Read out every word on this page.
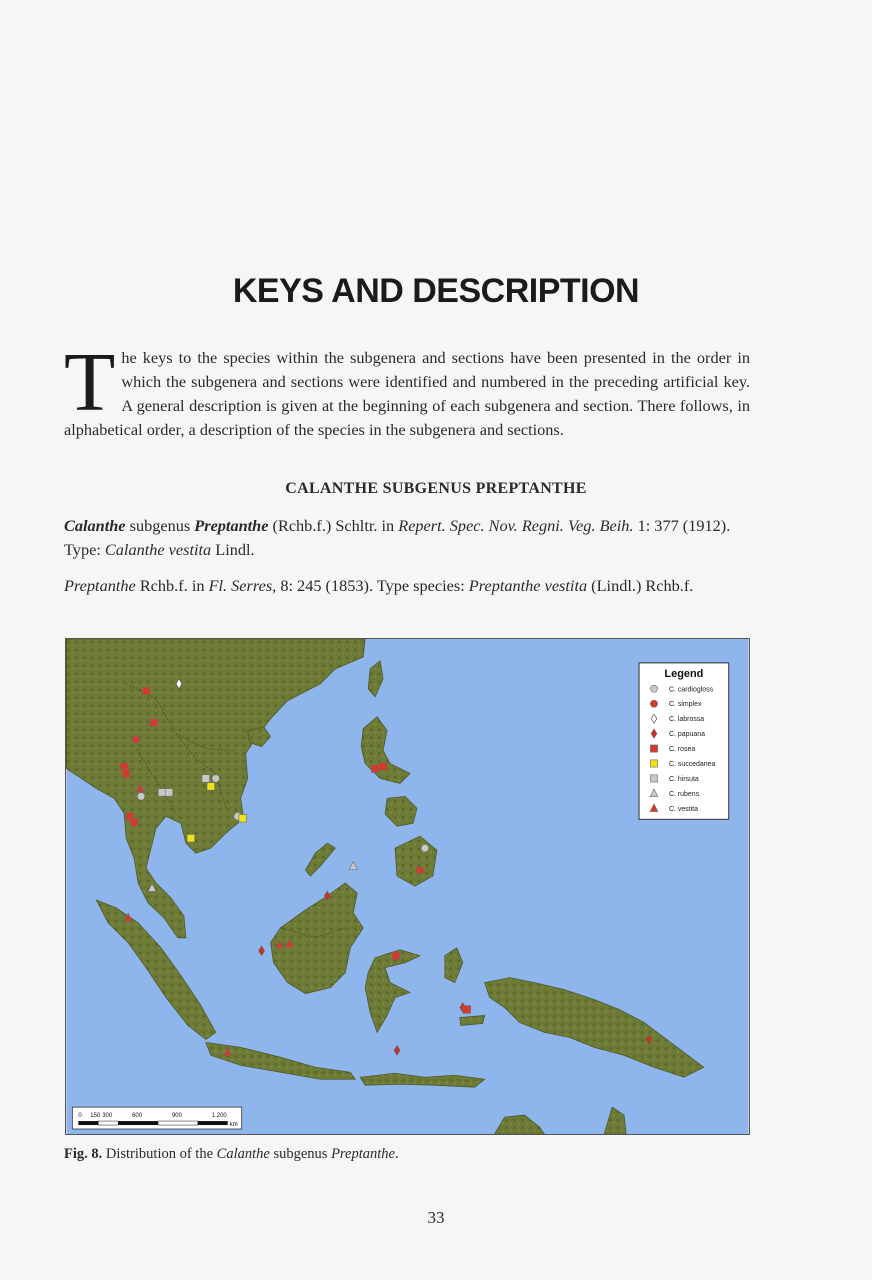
KEYS AND DESCRIPTION
The keys to the species within the subgenera and sections have been presented in the order in which the subgenera and sections were identified and numbered in the preceding artificial key. A general description is given at the beginning of each subgenera and section. There follows, in alphabetical order, a description of the species in the subgenera and sections.
CALANTHE SUBGENUS PREPTANTHE
Calanthe subgenus Preptanthe (Rchb.f.) Schltr. in Repert. Spec. Nov. Regni. Veg. Beih. 1: 377 (1912). Type: Calanthe vestita Lindl.
Preptanthe Rchb.f. in Fl. Serres, 8: 245 (1853). Type species: Preptanthe vestita (Lindl.) Rchb.f.
Legend
C. cardiogloss
C. simplex
C. labrossa
C. papuana
C. rosea
C. succedanea
C. hirsuta
C. rubens
C. vestita
0 150 300	600	900	1,200
km
Fig. 8. Distribution of the Calanthe subgenus Preptanthe.
33
